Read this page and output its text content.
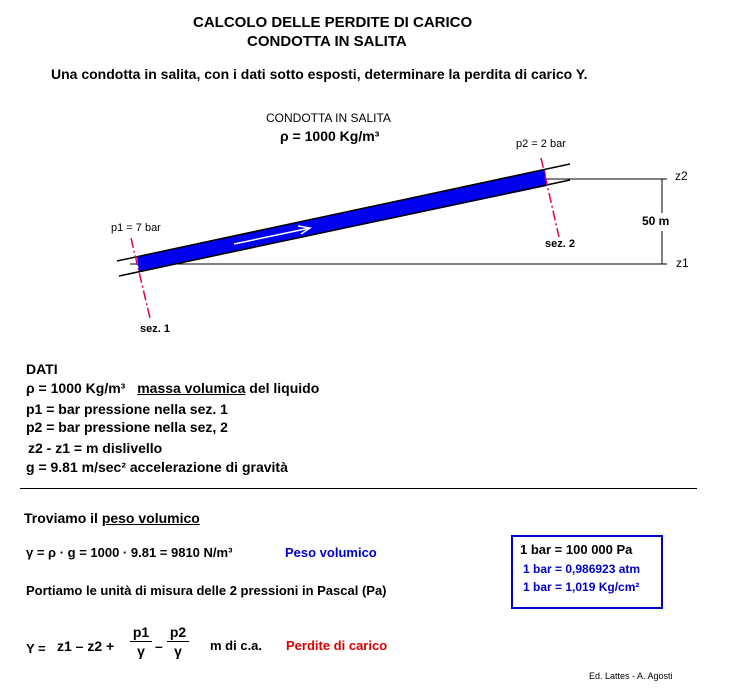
CALCOLO DELLE PERDITE DI CARICO
CONDOTTA IN SALITA
Una condotta in salita, con i dati sotto esposti, determinare la perdita di carico Y.
CONDOTTA IN SALITA
ρ = 1000 Kg/m³
p1 = 7 bar
p2 = 2 bar
sez. 1
sez. 2
z2
z1
50 m
DATI
ρ = 1000 Kg/m³ massa volumica del liquido
p1 = bar pressione nella sez. 1
p2 = bar pressione nella sez, 2
z2 - z1 = m dislivello
g = 9.81 m/sec² accelerazione di gravità
Troviamo il peso volumico
γ = ρ · g = 1000 · 9.81 = 9810 N/m³	Peso volumico
Portiamo le unità di misura delle 2 pressioni in Pascal (Pa)
Y = z1 – z2 +
p1
γ –
p2
γ	m di c.a. Perdite di carico
1 bar = 100 000 Pa
1 bar = 0,986923 atm
1 bar = 1,019 Kg/cm²
Ed. Lattes - A. Agosti
